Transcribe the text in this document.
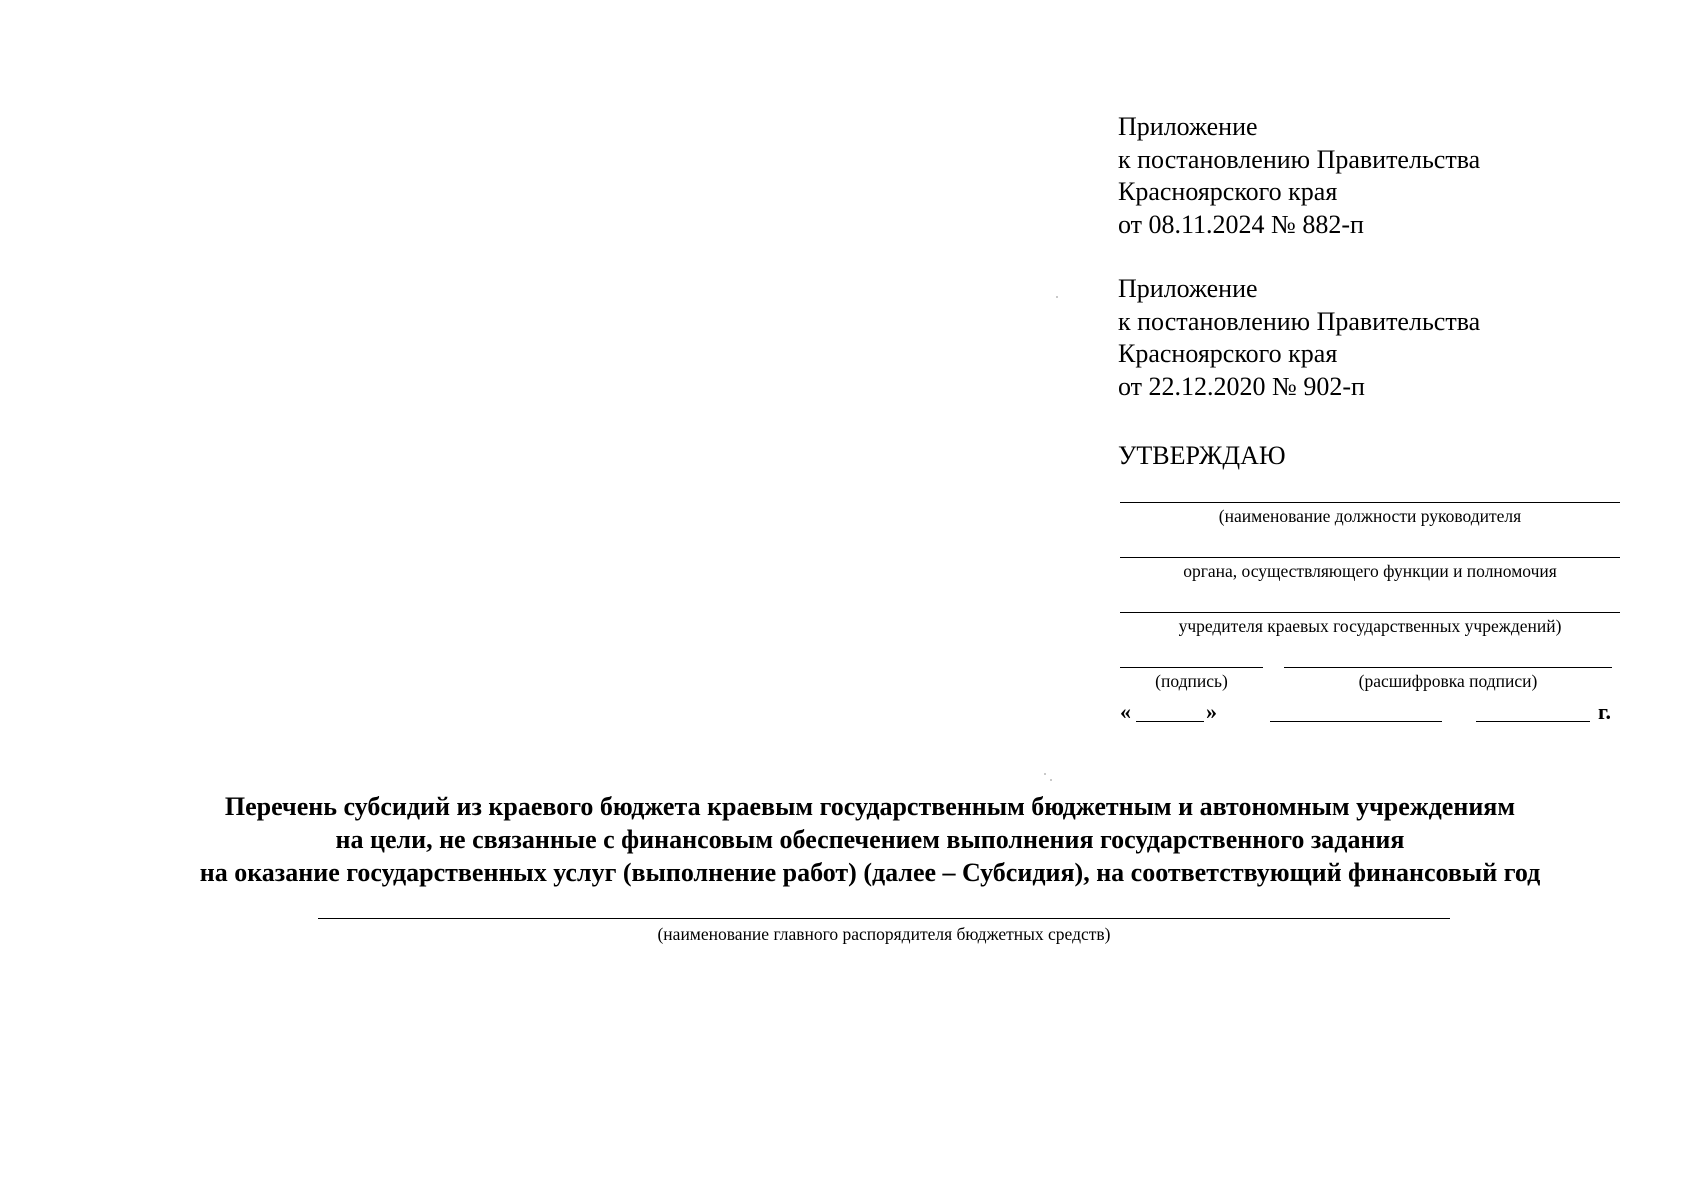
Приложение
к постановлению Правительства
Красноярского края
от 08.11.2024 № 882-п
Приложение
к постановлению Правительства
Красноярского края
от 22.12.2020 № 902-п
УТВЕРЖДАЮ
(наименование должности руководителя
органа, осуществляющего функции и полномочия
учредителя краевых государственных учреждений)
(подпись)	(расшифровка подписи)
«	»	г.
Перечень субсидий из краевого бюджета краевым государственным бюджетным и автономным учреждениям
на цели, не связанные с финансовым обеспечением выполнения государственного задания
на оказание государственных услуг (выполнение работ) (далее – Субсидия), на соответствующий финансовый год
(наименование главного распорядителя бюджетных средств)
